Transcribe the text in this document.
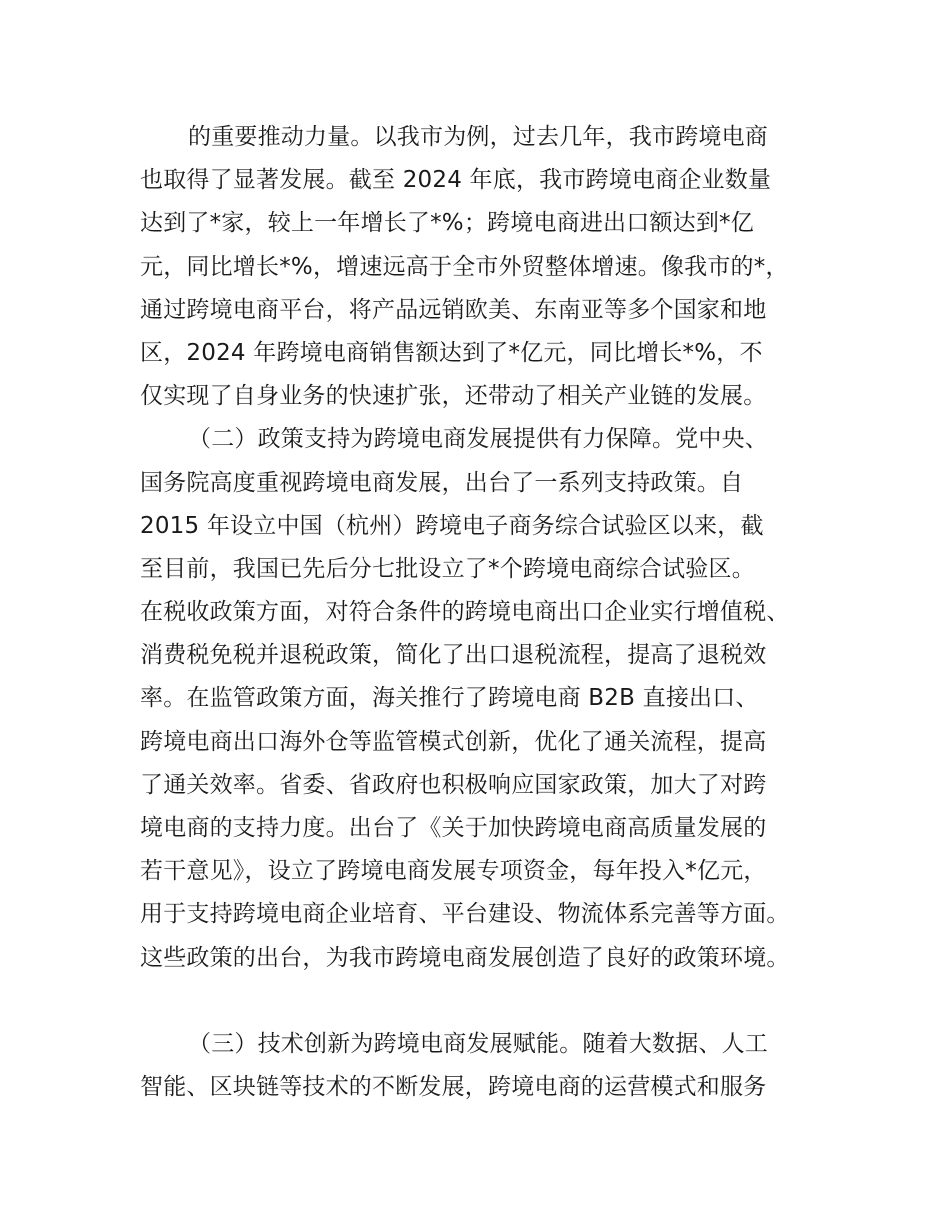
的重要推动力量。以我市为例，过去几年，我市跨境电商
也取得了显著发展。截至 2024 年底，我市跨境电商企业数量
达到了*家，较上一年增长了*%；跨境电商进出口额达到*亿
元，同比增长*%，增速远高于全市外贸整体增速。像我市的*，
通过跨境电商平台，将产品远销欧美、东南亚等多个国家和地
区，2024 年跨境电商销售额达到了*亿元，同比增长*%，不
仅实现了自身业务的快速扩张，还带动了相关产业链的发展。
（二）政策支持为跨境电商发展提供有力保障。党中央、
国务院高度重视跨境电商发展，出台了一系列支持政策。自
2015 年设立中国（杭州）跨境电子商务综合试验区以来，截
至目前，我国已先后分七批设立了*个跨境电商综合试验区。
在税收政策方面，对符合条件的跨境电商出口企业实行增值税、
消费税免税并退税政策，简化了出口退税流程，提高了退税效
率。在监管政策方面，海关推行了跨境电商 B2B 直接出口、
跨境电商出口海外仓等监管模式创新，优化了通关流程，提高
了通关效率。省委、省政府也积极响应国家政策，加大了对跨
境电商的支持力度。出台了《关于加快跨境电商高质量发展的
若干意见》，设立了跨境电商发展专项资金，每年投入*亿元，
用于支持跨境电商企业培育、平台建设、物流体系完善等方面。
这些政策的出台，为我市跨境电商发展创造了良好的政策环境。
（三）技术创新为跨境电商发展赋能。随着大数据、人工
智能、区块链等技术的不断发展，跨境电商的运营模式和服务
